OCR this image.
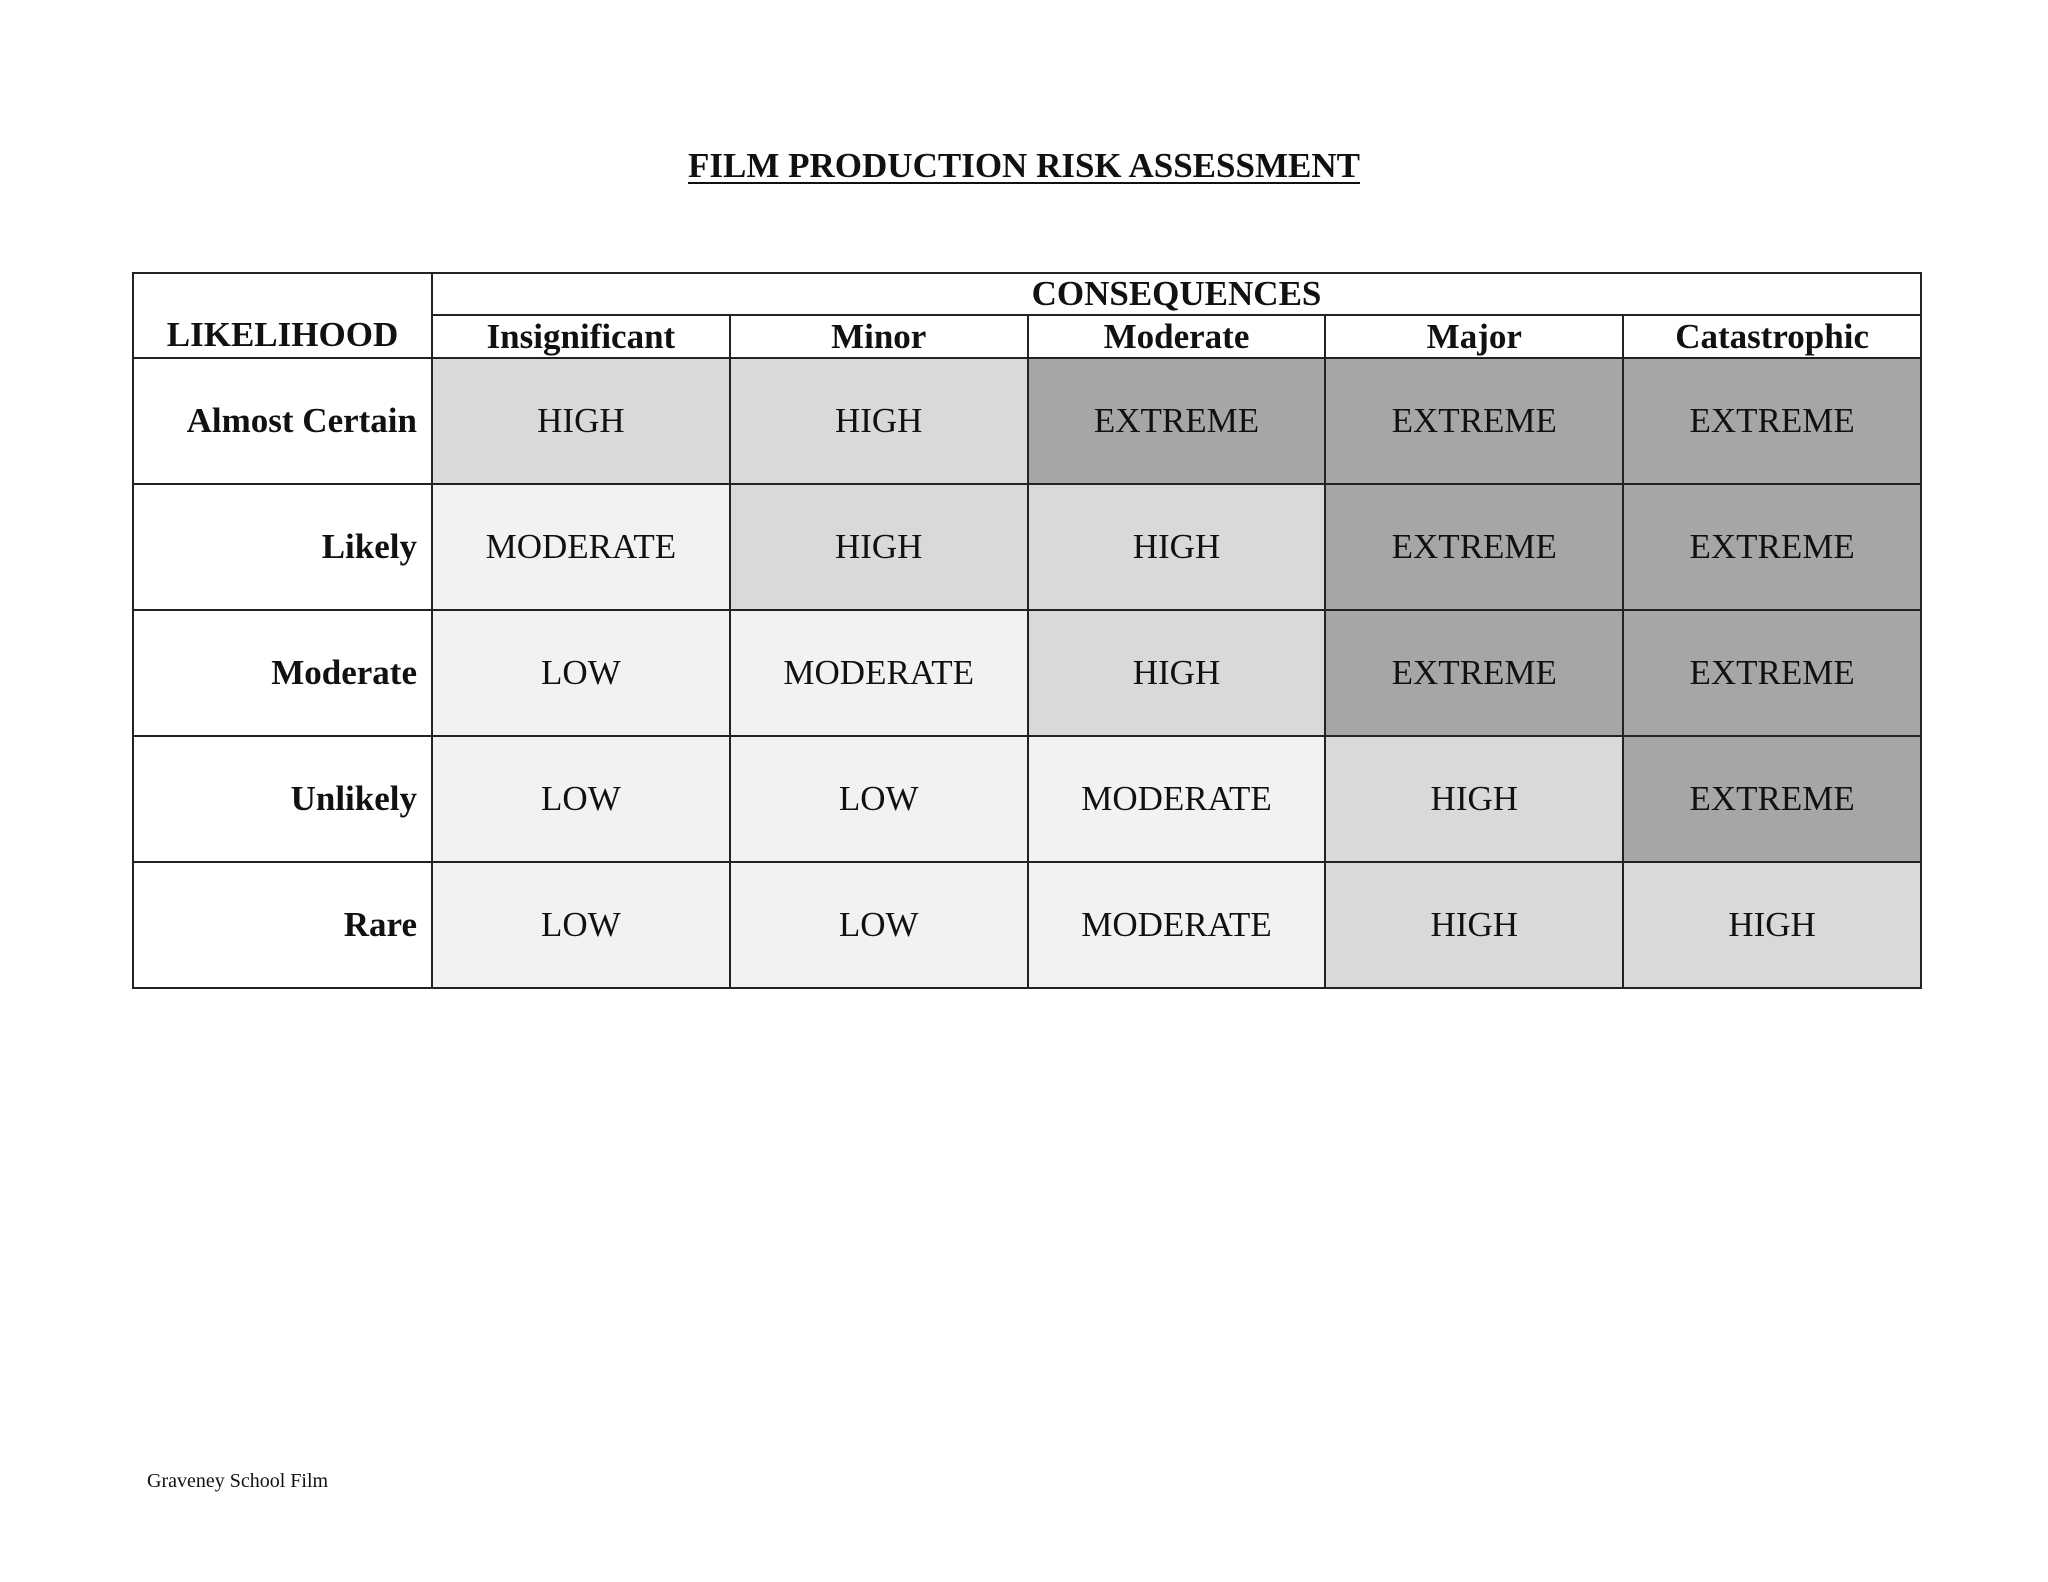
FILM PRODUCTION RISK ASSESSMENT
LIKELIHOOD	CONSEQUENCES				
	Insignificant	Minor	Moderate	Major	Catastrophic
Almost Certain	HIGH	HIGH	EXTREME	EXTREME	EXTREME
Likely	MODERATE	HIGH	HIGH	EXTREME	EXTREME
Moderate	LOW	MODERATE	HIGH	EXTREME	EXTREME
Unlikely	LOW	LOW	MODERATE	HIGH	EXTREME
Rare	LOW	LOW	MODERATE	HIGH	HIGH
Graveney School Film
